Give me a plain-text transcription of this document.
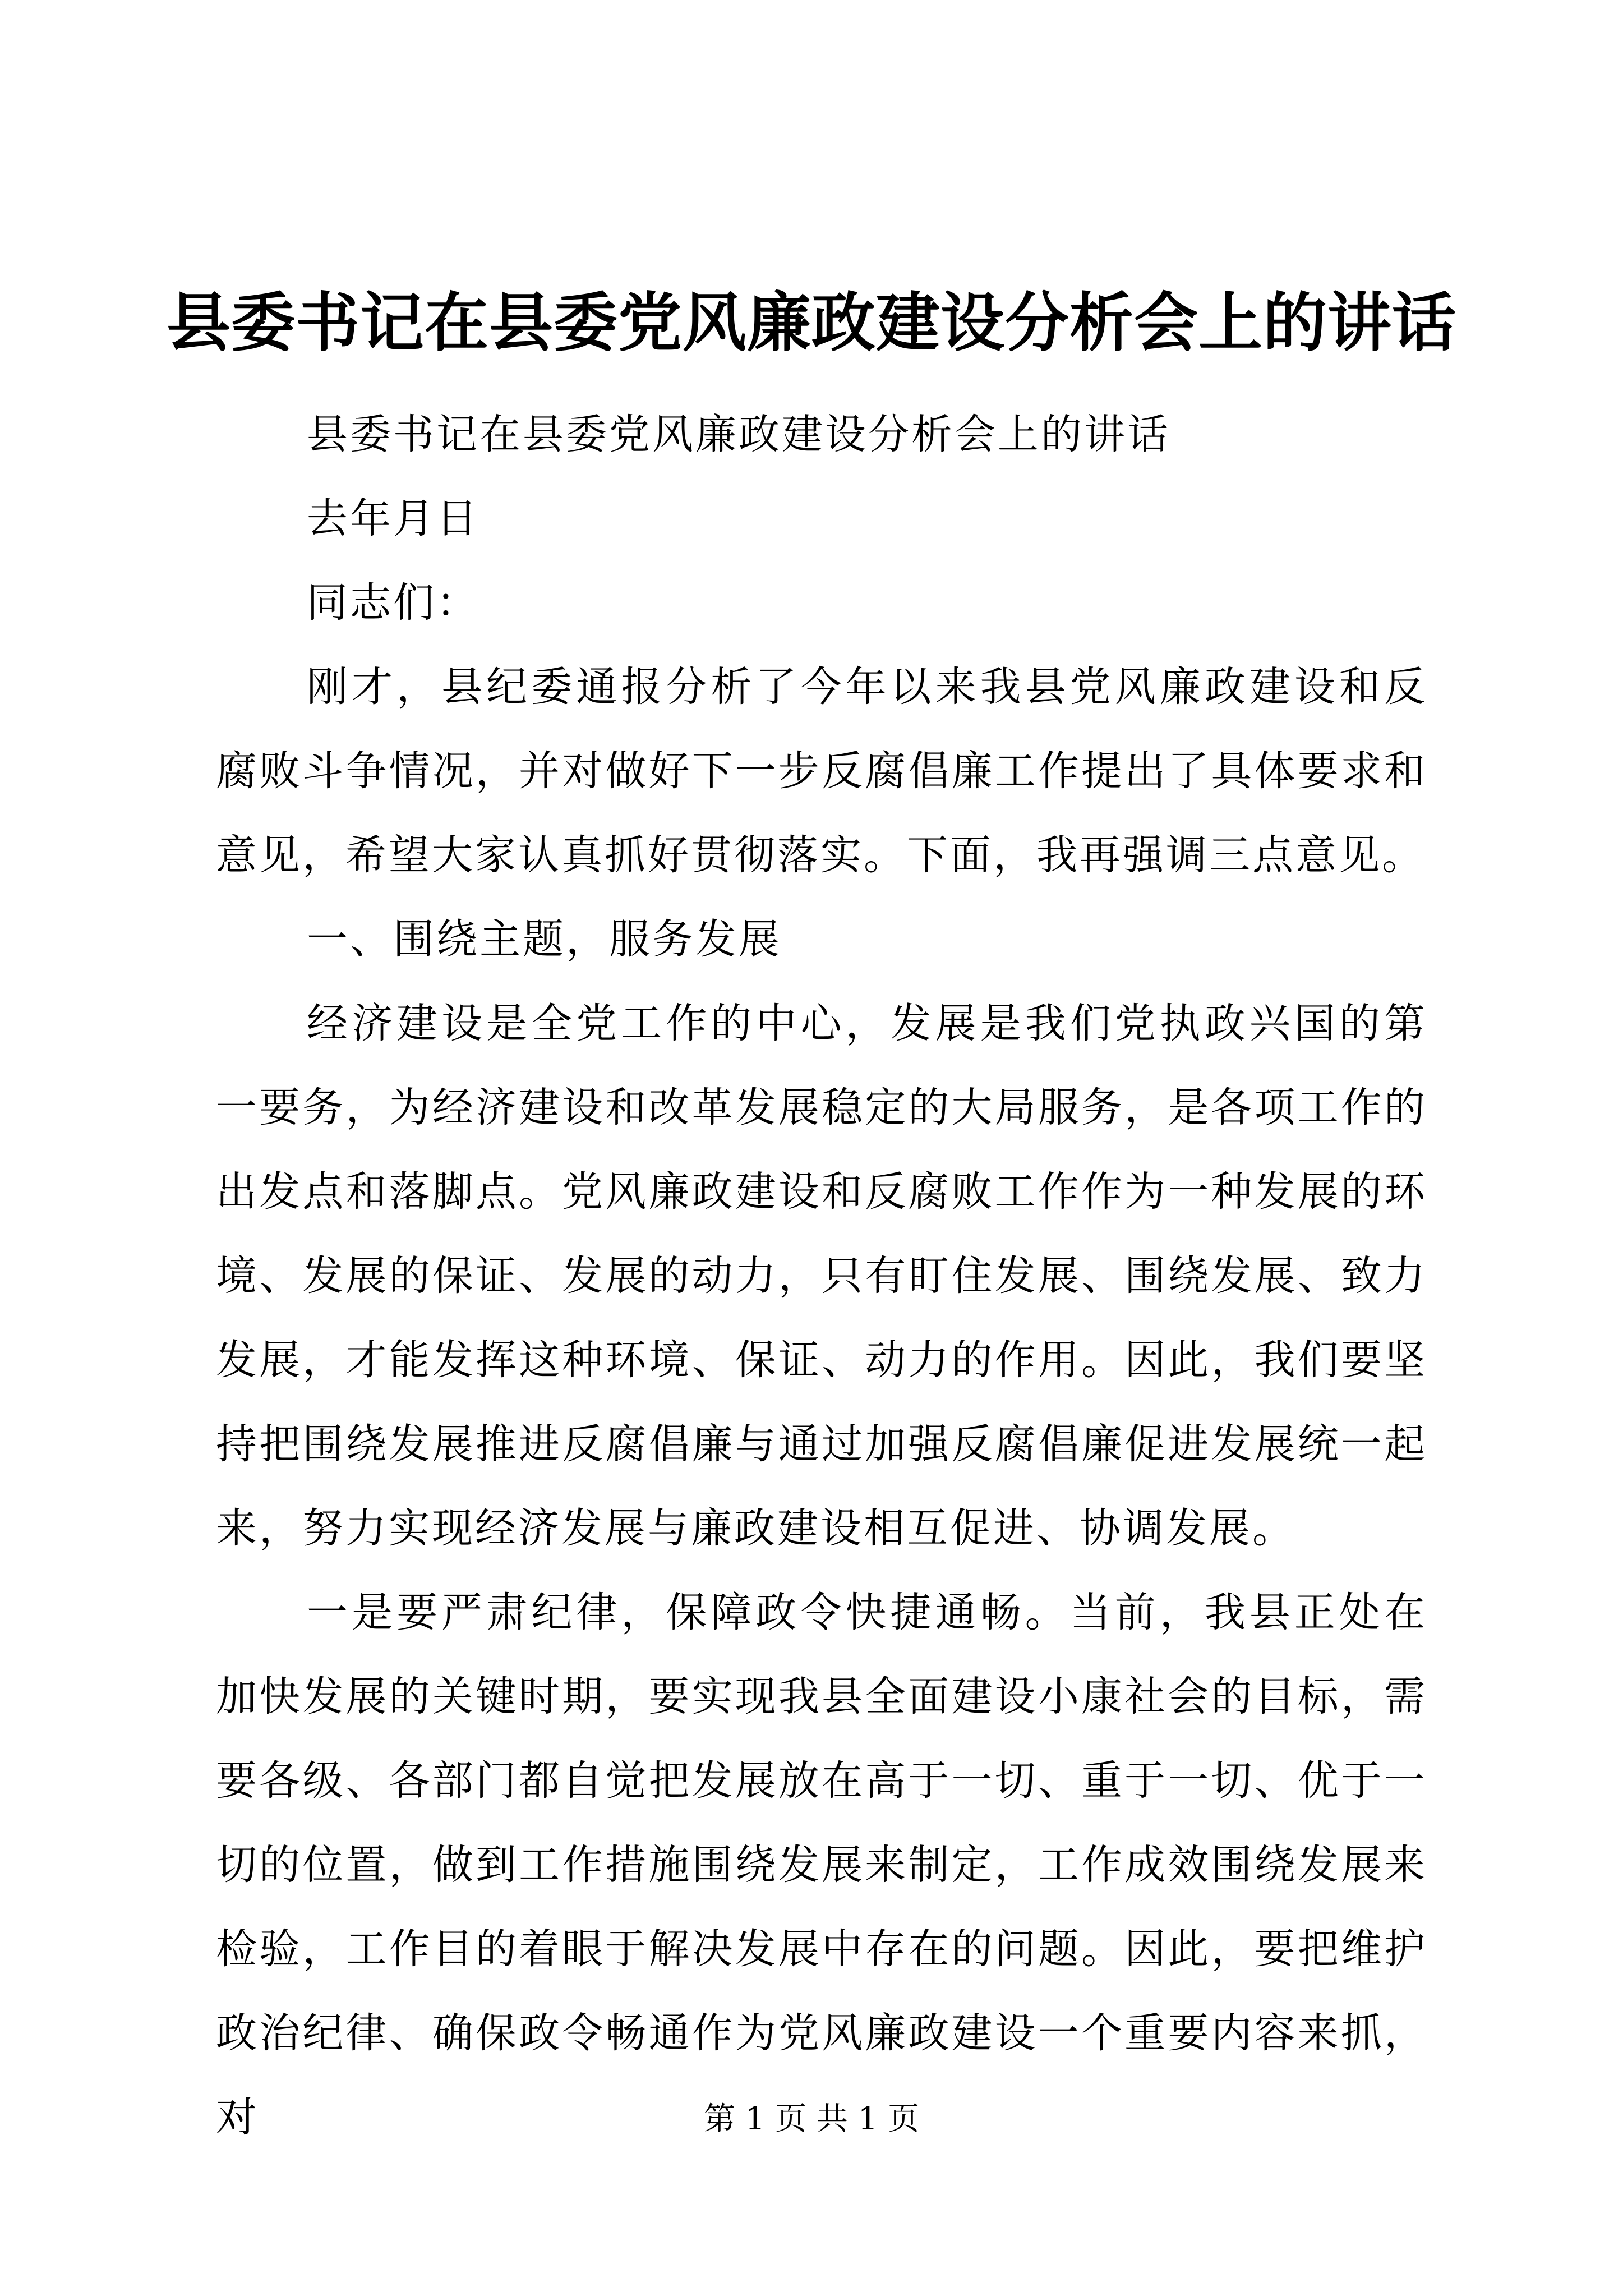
县委书记在县委党风廉政建设分析会上的讲话

县委书记在县委党风廉政建设分析会上的讲话

去年月日

同志们：

刚才，县纪委通报分析了今年以来我县党风廉政建设和反腐败斗争情况，并对做好下一步反腐倡廉工作提出了具体要求和意见，希望大家认真抓好贯彻落实。下面，我再强调三点意见。

一、围绕主题，服务发展

经济建设是全党工作的中心，发展是我们党执政兴国的第一要务，为经济建设和改革发展稳定的大局服务，是各项工作的出发点和落脚点。党风廉政建设和反腐败工作作为一种发展的环境、发展的保证、发展的动力，只有盯住发展、围绕发展、致力发展，才能发挥这种环境、保证、动力的作用。因此，我们要坚持把围绕发展推进反腐倡廉与通过加强反腐倡廉促进发展统一起来，努力实现经济发展与廉政建设相互促进、协调发展。

一是要严肃纪律，保障政令快捷通畅。当前，我县正处在加快发展的关键时期，要实现我县全面建设小康社会的目标，需要各级、各部门都自觉把发展放在高于一切、重于一切、优于一切的位置，做到工作措施围绕发展来制定，工作成效围绕发展来检验，工作目的着眼于解决发展中存在的问题。因此，要把维护政治纪律、确保政令畅通作为党风廉政建设一个重要内容来抓，对	第 1 页 共 1 页
